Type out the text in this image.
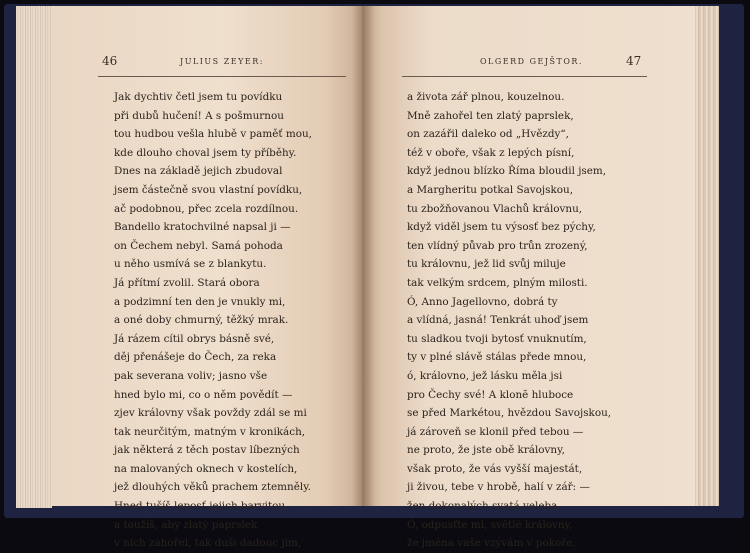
46	JULIUS ZEYER:
Jak dychtiv četl jsem tu povídku
při dubů hučení! A s pošmurnou
tou hudbou vešla hlubě v paměť mou,
kde dlouho choval jsem ty příběhy.
Dnes na základě jejich zbudoval
jsem částečně svou vlastní povídku,
ač podobnou, přec zcela rozdílnou.
Bandello kratochvilné napsal ji —
on Čechem nebyl. Samá pohoda
u něho usmívá se z blankytu.
Já přítmí zvolil. Stará obora
a podzimní ten den je vnukly mi,
a oné doby chmurný, těžký mrak.
Já rázem cítil obrys básně své,
děj přenášeje do Čech, za reka
pak severana voliv; jasno vše
hned bylo mi, co o něm povědít —
zjev královny však povždy zdál se mi
tak neurčitým, matným v kronikách,
jak některá z těch postav líbezných
na malovaných oknech v kostelích,
jež dlouhých věků prachem ztemněly.
Hned tušíš leposť jejich barvitou
a toužíš, aby zlatý paprslek
v nich zahořel, tak duši dadouc jim,
OLGERD GEJŠTOR.	47
a života zář plnou, kouzelnou.
Mně zahořel ten zlatý paprslek,
on zazářil daleko od „Hvězdy“,
též v oboře, však z lepých písní,
když jednou blízko Říma bloudil jsem,
a Margheritu potkal Savojskou,
tu zbožňovanou Vlachů královnu,
když viděl jsem tu výsosť bez pýchy,
ten vlídný půvab pro trůn zrozený,
tu královnu, jež lid svůj miluje
tak velkým srdcem, plným milosti.
Ó, Anno Jagellovno, dobrá ty
a vlídná, jasná! Tenkrát uhoď jsem
tu sladkou tvoji bytosť vnuknutím,
ty v plné slávě stálas přede mnou,
ó, královno, jež lásku měla jsi
pro Čechy své! A klonĕ hluboce
se před Markétou, hvězdou Savojskou,
já zároveň se klonil před tebou —
ne proto, že jste obě královny,
však proto, že vás vyšší majestát,
ji živou, tebe v hrobě, halí v zář: —
žen dokonalých svatá veleba.
Ó, odpusťte mi, světlé královny,
že jména vaše vzývám v pokoře,
